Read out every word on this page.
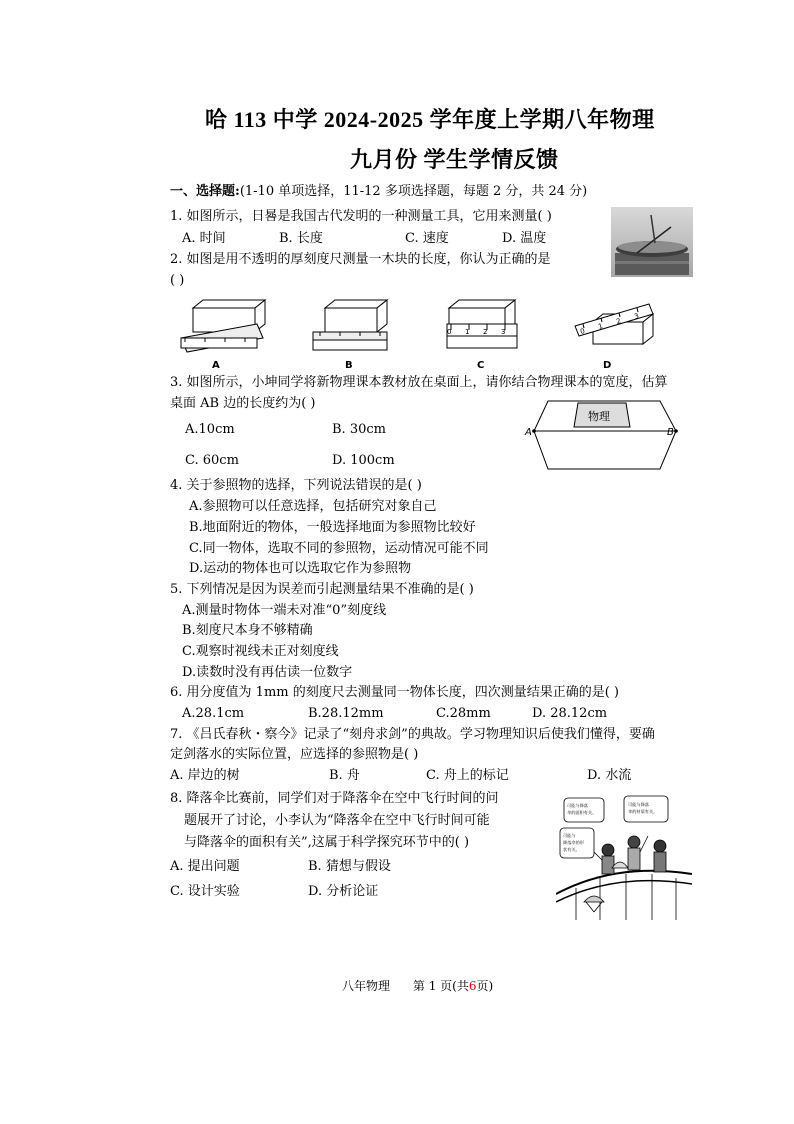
哈 113 中学 2024-2025 学年度上学期八年物理
九月份 学生学情反馈
一、选择题:(1-10 单项选择，11-12 多项选择题，每题 2 分，共 24 分)
1. 如图所示，日晷是我国古代发明的一种测量工具，它用来测量( )
A. 时间	B. 长度	C. 速度	D. 温度
2. 如图是用不透明的厚刻度尺测量一木块的长度，你认为正确的是
( )
0 1 2 3	0
1
2
3
A	B	C	D
3. 如图所示，小坤同学将新物理课本教材放在桌面上，请你结合物理课本的宽度，估算
桌面 AB 边的长度约为( )
A.10cm	B. 30cm
C. 60cm	D. 100cm
物理
A	B
4. 关于参照物的选择，下列说法错误的是( )
A.参照物可以任意选择，包括研究对象自己
B.地面附近的物体，一般选择地面为参照物比较好
C.同一物体，选取不同的参照物，运动情况可能不同
D.运动的物体也可以选取它作为参照物
5. 下列情况是因为误差而引起测量结果不准确的是( )
A.测量时物体一端未对准“0”刻度线
B.刻度尺本身不够精确
C.观察时视线未正对刻度线
D.读数时没有再估读一位数字
6. 用分度值为 1mm 的刻度尺去测量同一物体长度，四次测量结果正确的是( )
A.28.1cm	B.28.12mm	C.28mm	D. 28.12cm
7. 《吕氏春秋・察今》记录了“刻舟求剑”的典故。学习物理知识后使我们懂得，要确
定剑落水的实际位置，应选择的参照物是( )
A. 岸边的树	B. 舟	C. 舟上的标记	D. 水流
8. 降落伞比赛前，同学们对于降落伞在空中飞行时间的问
题展开了讨论，小李认为“降落伞在空中飞行时间可能
与降落伞的面积有关”,这属于科学探究环节中的( )
A. 提出问题	B. 猜想与假设
C. 设计实验	D. 分析论证
可能与降落
伞的面积有关。
可能与降落
伞的材质有关。
可能与
降落伞的形
状有关。
八年物理 第 1 页(共6页)
